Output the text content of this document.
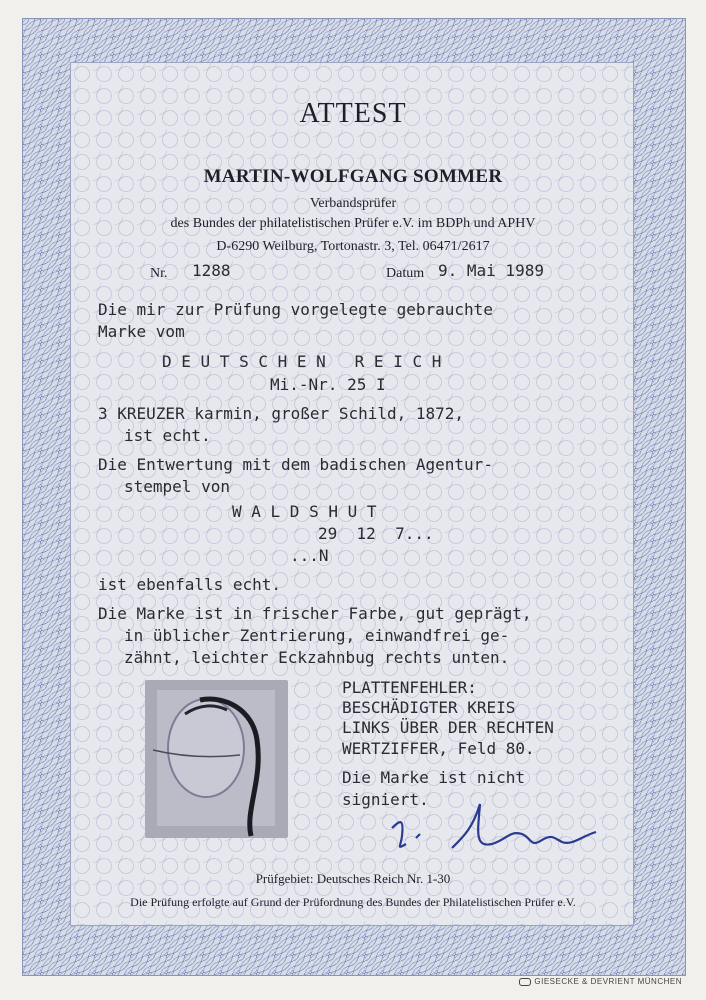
ATTEST
MARTIN-WOLFGANG SOMMER
Verbandsprüfer
des Bundes der philatelistischen Prüfer e.V. im BDPh und APHV
D-6290 Weilburg, Tortonastr. 3, Tel. 06471/2617
Nr. 1288	Datum 9. Mai 1989
Die mir zur Prüfung vorgelegte gebrauchte
Marke vom
D E U T S C H E N   R E I C H
Mi.-Nr. 25 I
3 KREUZER karmin, großer Schild, 1872,
ist echt.
Die Entwertung mit dem badischen Agentur-
stempel von
W A L D S H U T
29  12  7...
...N
ist ebenfalls echt.
Die Marke ist in frischer Farbe, gut geprägt,
in üblicher Zentrierung, einwandfrei ge-
zähnt, leichter Eckzahnbug rechts unten.
PLATTENFEHLER:
BESCHÄDIGTER KREIS
LINKS ÜBER DER RECHTEN
WERTZIFFER, Feld 80.
Die Marke ist nicht
signiert.
Prüfgebiet: Deutsches Reich Nr. 1-30
Die Prüfung erfolgte auf Grund der Prüfordnung des Bundes der Philatelistischen Prüfer e.V.
GIESECKE & DEVRIENT MÜNCHEN
